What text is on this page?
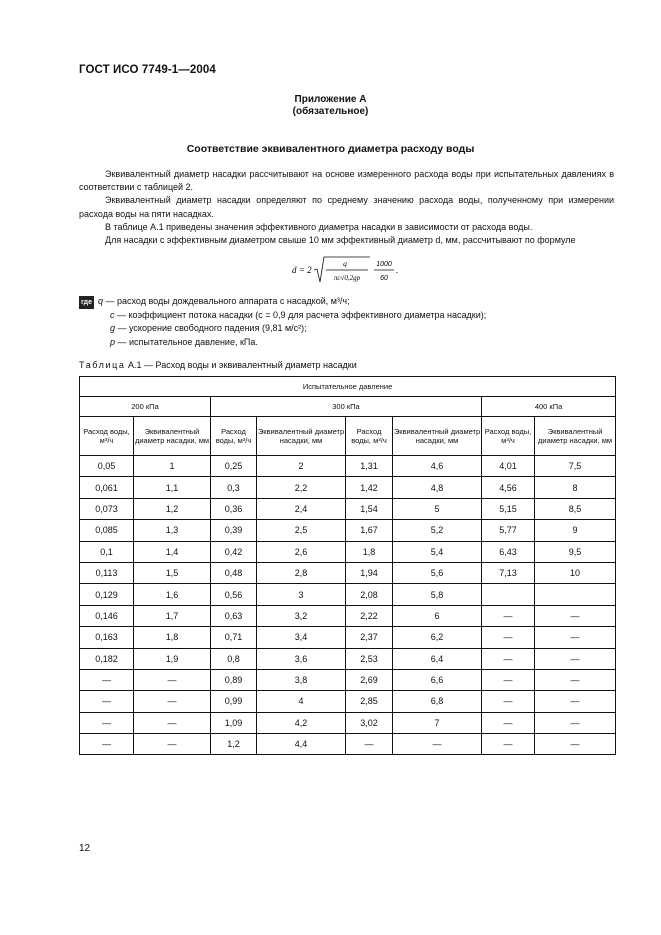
ГОСТ ИСО 7749-1—2004
Приложение А
(обязательное)
Соответствие эквивалентного диаметра расходу воды

Эквивалентный диаметр насадки рассчитывают на основе измеренного расхода воды при испытательных давлениях в соответствии с таблицей 2.

Эквивалентный диаметр насадки определяют по среднему значению расхода воды, полученному при измерении расхода воды на пяти насадках.

В таблице А.1 приведены значения эффективного диаметра насадки в зависимости от расхода воды.

Для насадки с эффективным диаметром свыше 10 мм эффективный диаметр d, мм, рассчитывают по формуле

d = 2
q
πc√0,2gp
1000
60
.
где q — расход воды дождевального аппарата с насадкой, м³/ч;
c — коэффициент потока насадки (c = 0,9 для расчета эффективного диаметра насадки);
g — ускорение свободного падения (9,81 м/с²);
p — испытательное давление, кПа.
Таблица А.1 — Расход воды и эквивалентный диаметр насадки
Испытательное давление							
200 кПа		300 кПа				400 кПа	
Расход воды, м³/ч	Эквивалентный диаметр насадки, мм	Расход воды, м³/ч	Эквивалентный диаметр насадки, мм	Расход воды, м³/ч	Эквивалентный диаметр насадки, мм	Расход воды, м³/ч	Эквивалентный диаметр насадки, мм
0,05	1	0,25	2	1,31	4,6	4,01	7,5
0,061	1,1	0,3	2,2	1,42	4,8	4,56	8
0,073	1,2	0,36	2,4	1,54	5	5,15	8,5
0,085	1,3	0,39	2,5	1,67	5,2	5,77	9
0,1	1,4	0,42	2,6	1,8	5,4	6,43	9,5
0,113	1,5	0,48	2,8	1,94	5,6	7,13	10
0,129	1,6	0,56	3	2,08	5,8		
0,146	1,7	0,63	3,2	2,22	6	—	—
0,163	1,8	0,71	3,4	2,37	6,2	—	—
0,182	1,9	0,8	3,6	2,53	6,4	—	—
—	—	0,89	3,8	2,69	6,6	—	—
—	—	0,99	4	2,85	6,8	—	—
—	—	1,09	4,2	3,02	7	—	—
—	—	1,2	4,4	—	—	—	—
12
